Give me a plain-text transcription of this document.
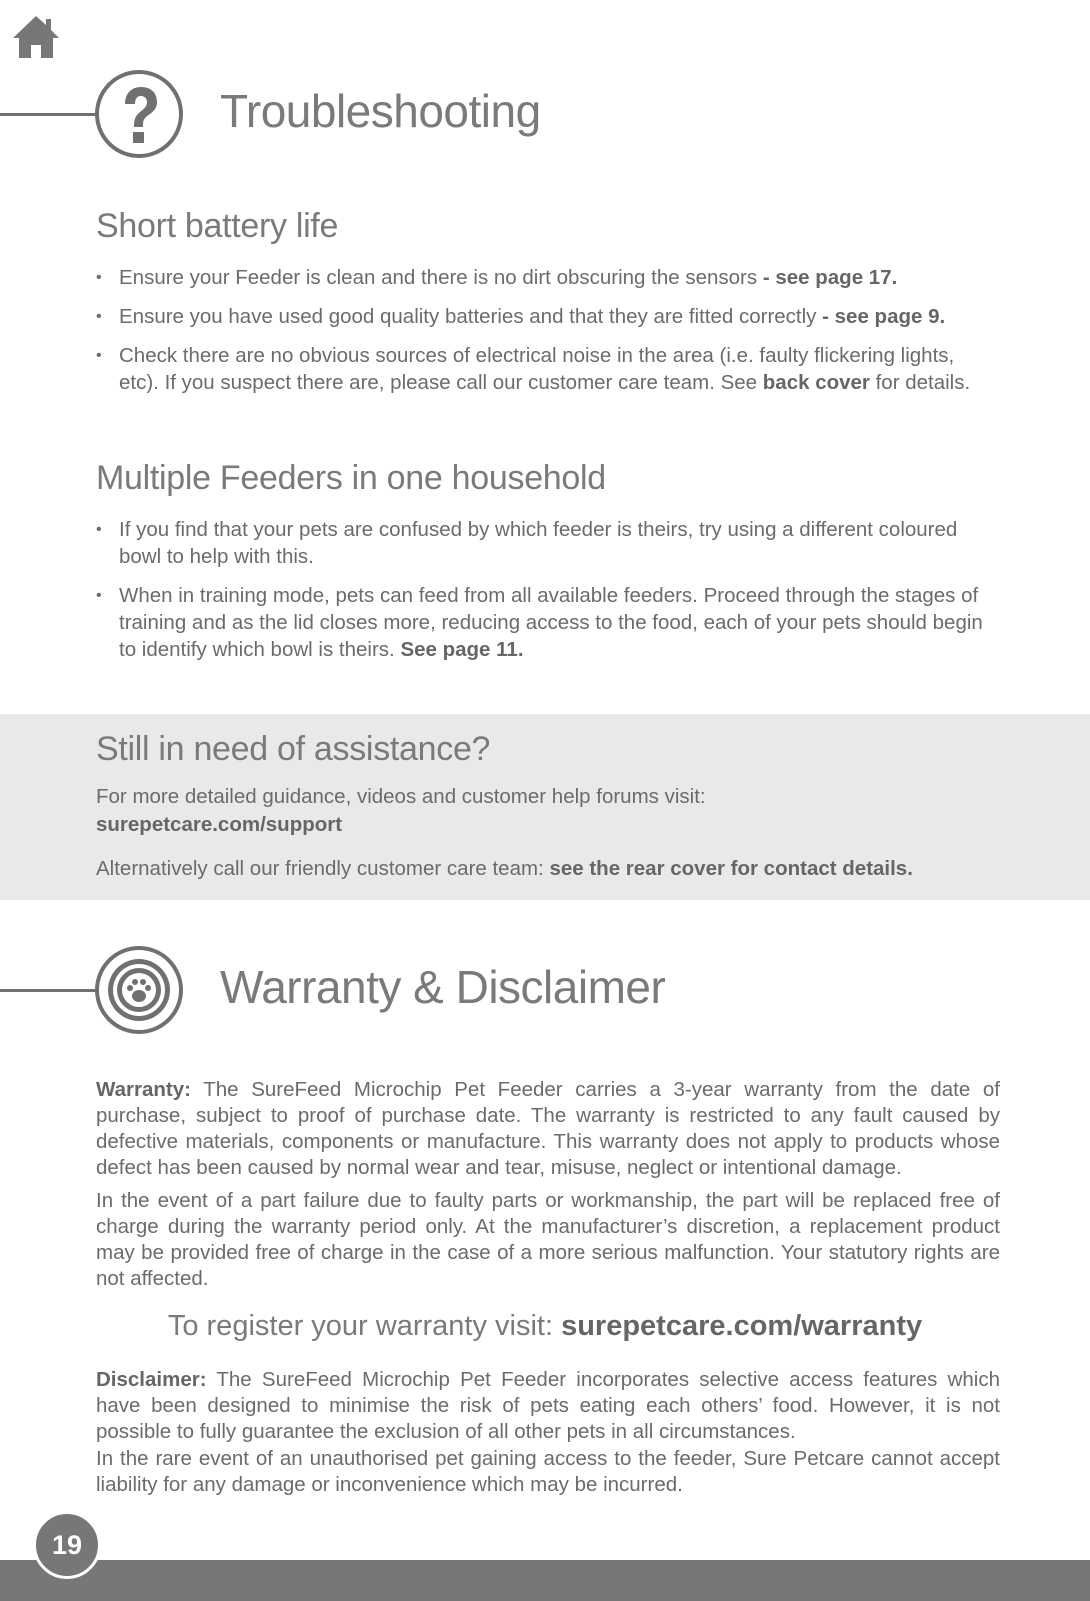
Troubleshooting
Short battery life
• Ensure your Feeder is clean and there is no dirt obscuring the sensors - see page 17.
• Ensure you have used good quality batteries and that they are fitted correctly - see page 9.
• Check there are no obvious sources of electrical noise in the area (i.e. faulty flickering lights, etc). If you suspect there are, please call our customer care team. See back cover for details.
Multiple Feeders in one household
• If you find that your pets are confused by which feeder is theirs, try using a different coloured bowl to help with this.
• When in training mode, pets can feed from all available feeders. Proceed through the stages of training and as the lid closes more, reducing access to the food, each of your pets should begin to identify which bowl is theirs. See page 11.
Still in need of assistance?

For more detailed guidance, videos and customer help forums visit:
surepetcare.com/support

Alternatively call our friendly customer care team: see the rear cover for contact details.

Warranty & Disclaimer

Warranty: The SureFeed Microchip Pet Feeder carries a 3-year warranty from the date of purchase, subject to proof of purchase date. The warranty is restricted to any fault caused by defective materials, components or manufacture. This warranty does not apply to products whose defect has been caused by normal wear and tear, misuse, neglect or intentional damage.

In the event of a part failure due to faulty parts or workmanship, the part will be replaced free of charge during the warranty period only. At the manufacturer’s discretion, a replacement product may be provided free of charge in the case of a more serious malfunction. Your statutory rights are not affected.

To register your warranty visit: surepetcare.com/warranty

Disclaimer: The SureFeed Microchip Pet Feeder incorporates selective access features which have been designed to minimise the risk of pets eating each others’ food. However, it is not possible to fully guarantee the exclusion of all other pets in all circumstances.

In the rare event of an unauthorised pet gaining access to the feeder, Sure Petcare cannot accept liability for any damage or inconvenience which may be incurred.

19
